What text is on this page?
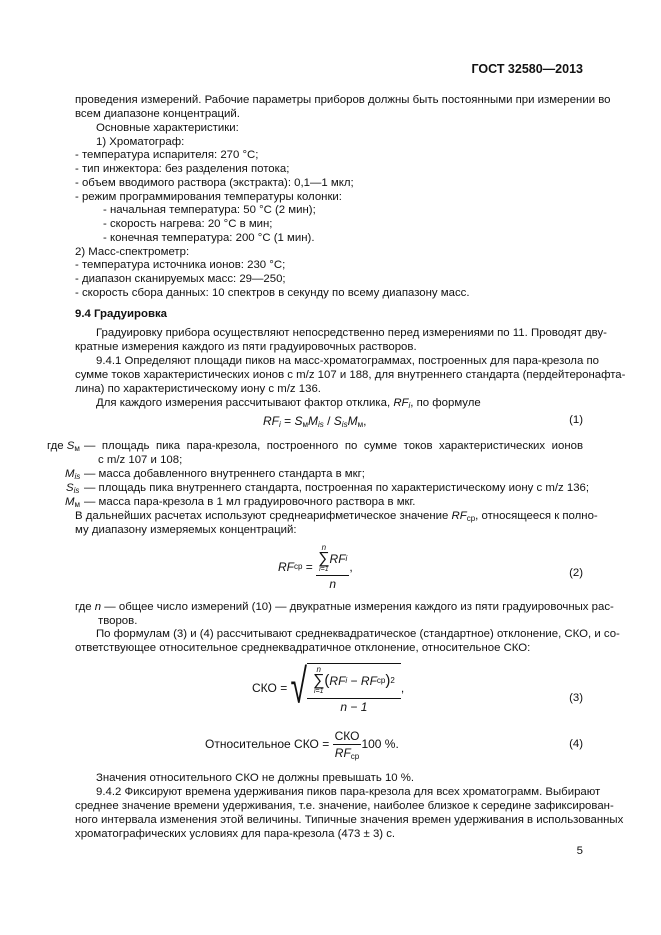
ГОСТ 32580—2013
проведения измерений. Рабочие параметры приборов должны быть постоянными при измерении во
всем диапазоне концентраций.
Основные характеристики:
1) Хроматограф:
- температура испарителя: 270 °С;
- тип инжектора: без разделения потока;
- объем вводимого раствора (экстракта): 0,1—1 мкл;
- режим программирования температуры колонки:
- начальная температура: 50 °С (2 мин);
- скорость нагрева: 20 °С в мин;
- конечная температура: 200 °С (1 мин).
2) Масс-спектрометр:
- температура источника ионов: 230 °С;
- диапазон сканируемых масс: 29—250;
- скорость сбора данных: 10 спектров в секунду по всему диапазону масс.
9.4 Градуировка
Градуировку прибора осуществляют непосредственно перед измерениями по 11. Проводят дву-
кратные измерения каждого из пяти градуировочных растворов.
9.4.1 Определяют площади пиков на масс-хроматограммах, построенных для пара-крезола по
сумме токов характеристических ионов с m/z 107 и 188, для внутреннего стандарта (пердейтеронафта-
лина) по характеристическому иону с m/z 136.
Для каждого измерения рассчитывают фактор отклика, $RF_i$, по формуле
$RF_i = S_мM_{is} / S_{is}M_м$,	(1)
где $S_м$ — площадь пика пара-крезола, построенного по сумме токов характеристических ионов
с m/z 107 и 108;
$M_{is}$ — масса добавленного внутреннего стандарта в мкг;
$S_{is}$ — площадь пика внутреннего стандарта, построенная по характеристическому иону с m/z 136;
$M_м$ — масса пара-крезола в 1 мл градуировочного раствора в мкг.
В дальнейших расчетах используют среднеарифметическое значение $RF_{ср}$, относящееся к полно-
му диапазону измеряемых концентраций:
RF ср = n
∑
i=1
RF i
n ,	(2)
где n — общее число измерений (10) — двукратные измерения каждого из пяти градуировочных рас-
творов.
По формулам (3) и (4) рассчитывают среднеквадратическое (стандартное) отклонение, СКО, и со-
ответствующее относительное среднеквадратичное отклонение, относительное СКО:
СКО = √ n
∑
i=1
( RF i
−
RF ср ) 2
n − 1 ,
(3)
Относительное СКО = $\frac{\text{СКО}}{RF_{ср}} 100$ %.	(4)
Значения относительного СКО не должны превышать 10 %.
9.4.2 Фиксируют времена удерживания пиков пара-крезола для всех хроматограмм. Выбирают
среднее значение времени удерживания, т.е. значение, наиболее близкое к середине зафиксирован-
ного интервала изменения этой величины. Типичные значения времен удерживания в использованных
хроматографических условиях для пара-крезола (473 ± 3) с.
5
